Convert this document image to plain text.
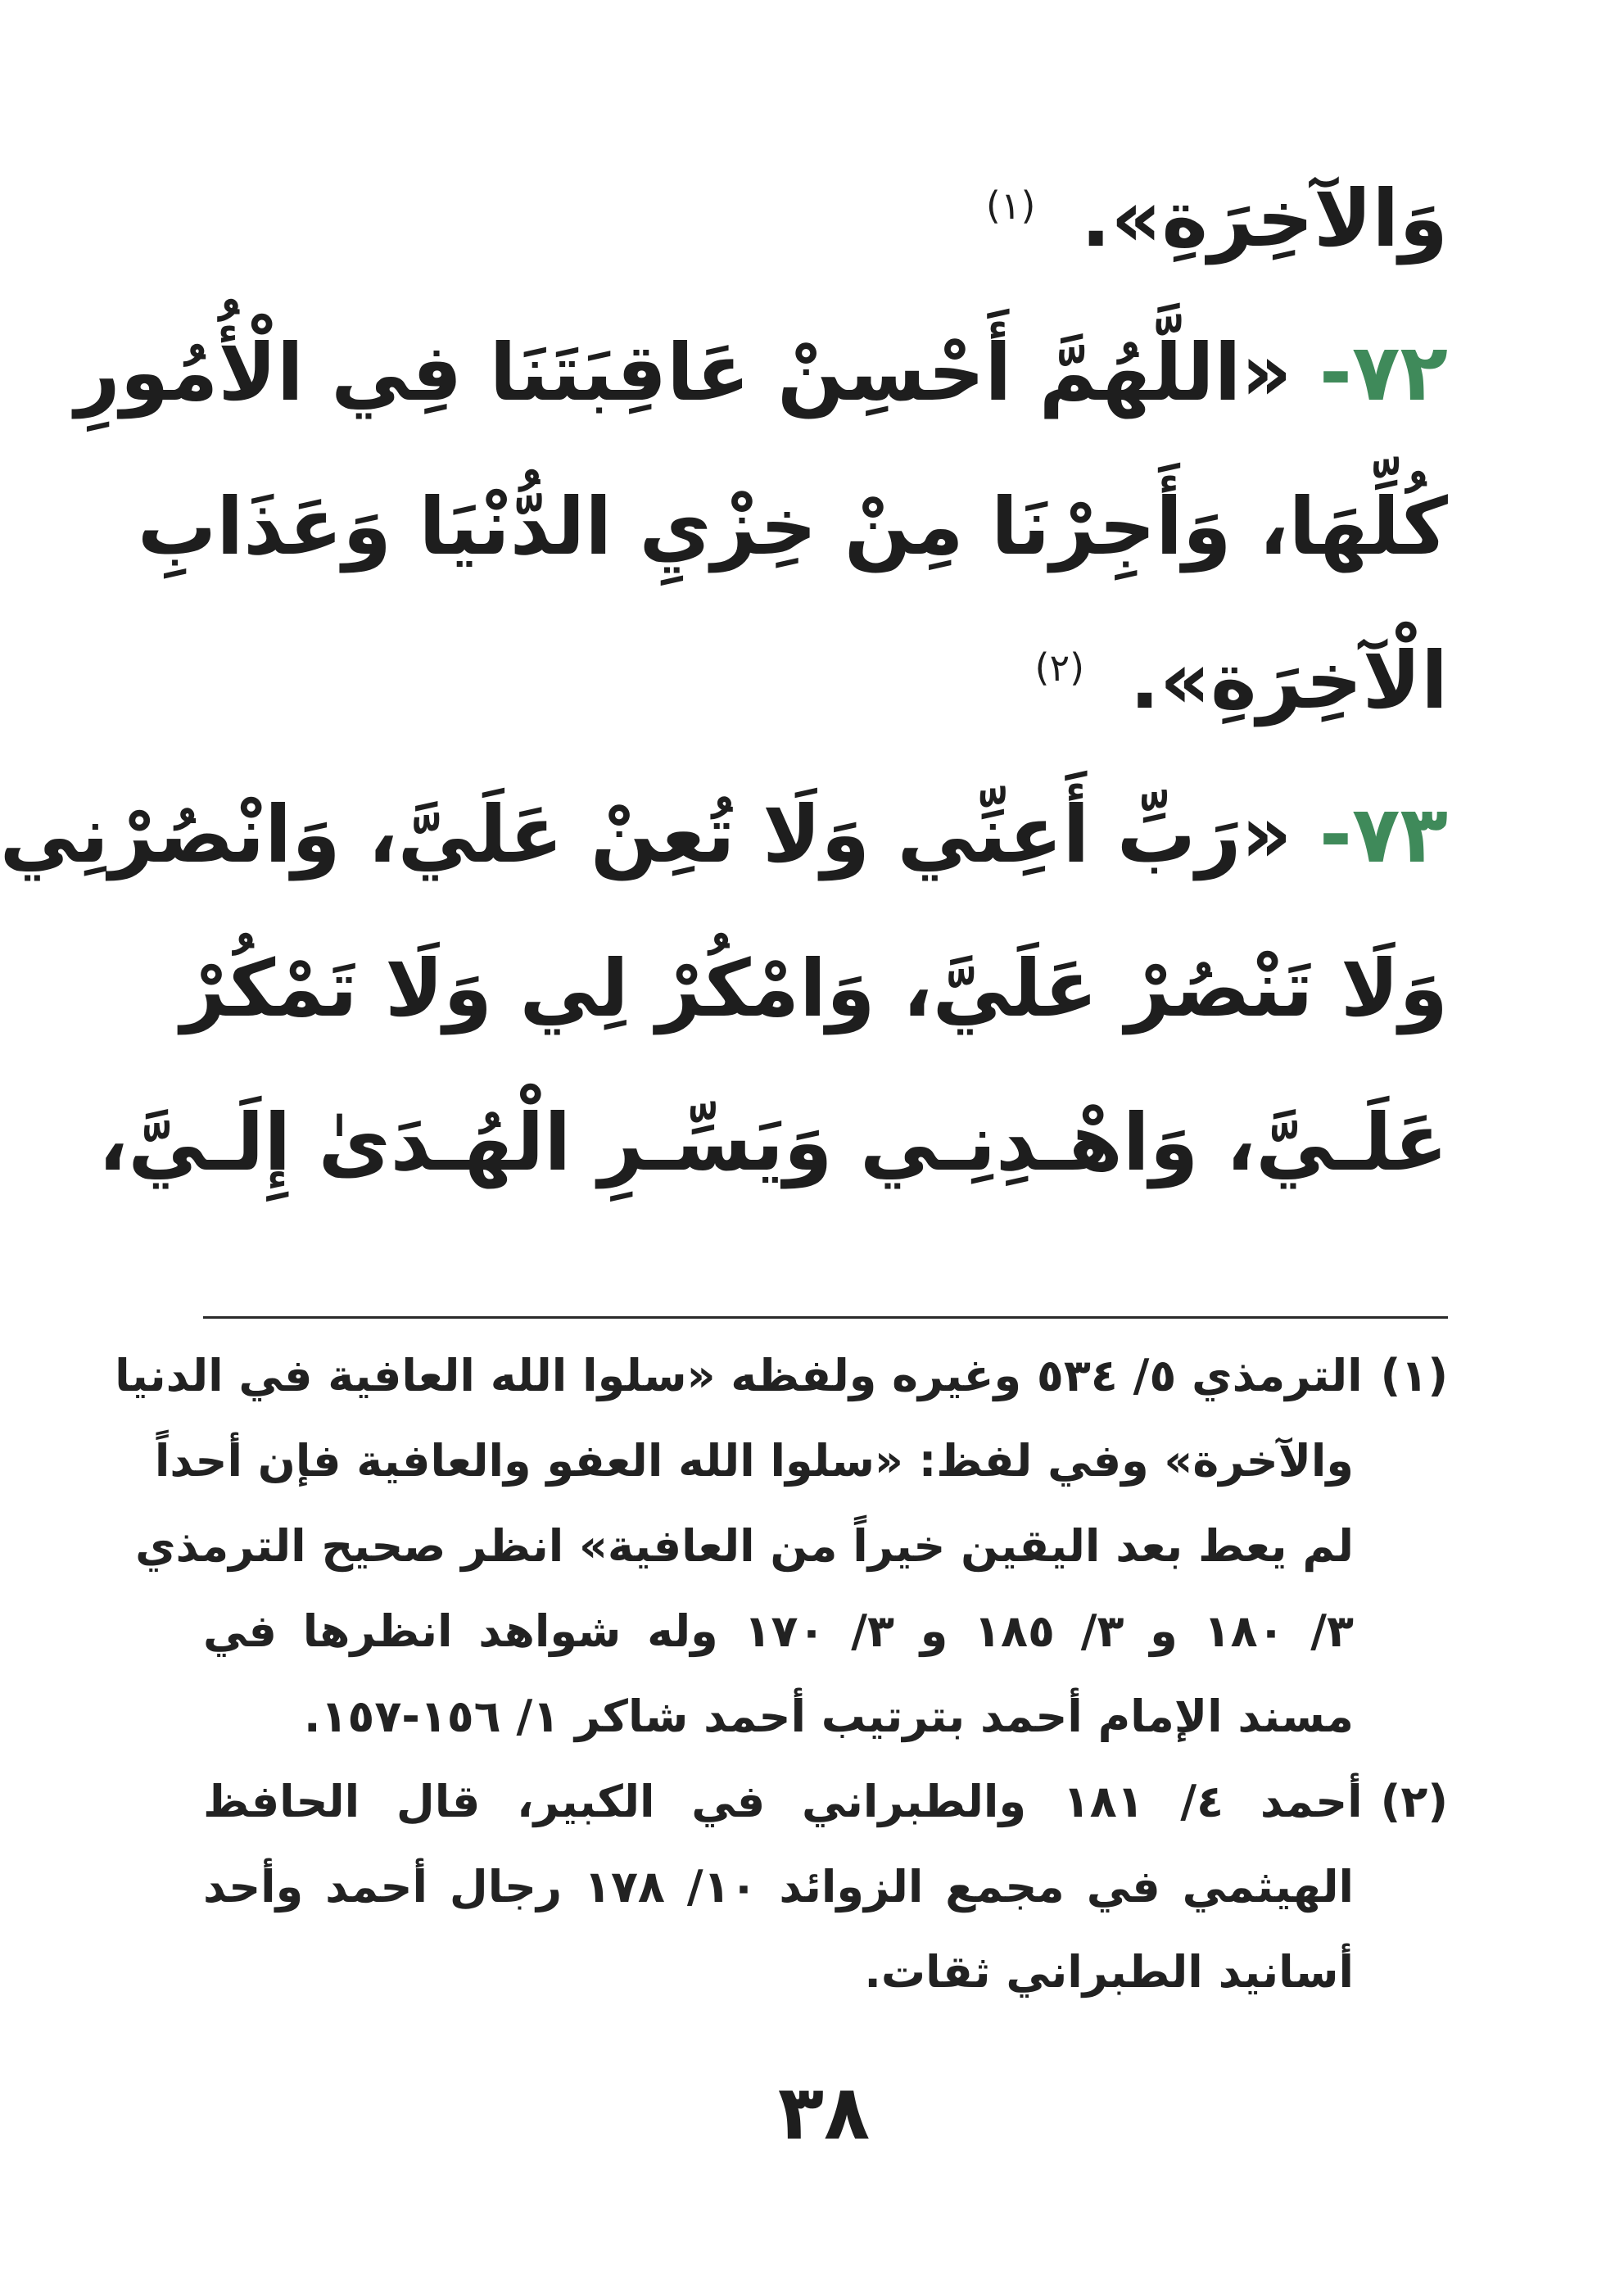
وَالآخِرَةِ». $^{(١)}$
٧٢- «اللَّهُمَّ أَحْسِنْ عَاقِبَتَنَا فِي الْأُمُورِ
كُلِّهَا، وَأَجِرْنَا مِنْ خِزْيِ الدُّنْيَا وَعَذَابِ
الْآخِرَةِ». $^{(٢)}$
٧٣- «رَبِّ أَعِنِّي وَلَا تُعِنْ عَلَيَّ، وَانْصُرْنِي
وَلَا تَنْصُرْ عَلَيَّ، وَامْكُرْ لِي وَلَا تَمْكُرْ
عَلَـيَّ، وَاهْـدِنِـي وَيَسِّـرِ الْهُـدَىٰ إِلَـيَّ،
(١)الترمذي ٥/ ٥٣٤ وغيره ولفظه «سلوا الله العافية في الدنيا
والآخرة» وفي لفظ: «سلوا الله العفو والعافية فإن أحداً
لم يعط بعد اليقين خيراً من العافية» انظر صحيح الترمذي
٣/ ١٨٠ و ٣/ ١٨٥ و ٣/ ١٧٠ وله شواهد انظرها في
مسند الإمام أحمد بترتيب أحمد شاكر ١/ ١٥٦-١٥٧.
(٢)أحمد ٤/ ١٨١ والطبراني في الكبير، قال الحافظ
الهيثمي في مجمع الزوائد ١٠/ ١٧٨ رجال أحمد وأحد
أسانيد الطبراني ثقات.
٣٨
